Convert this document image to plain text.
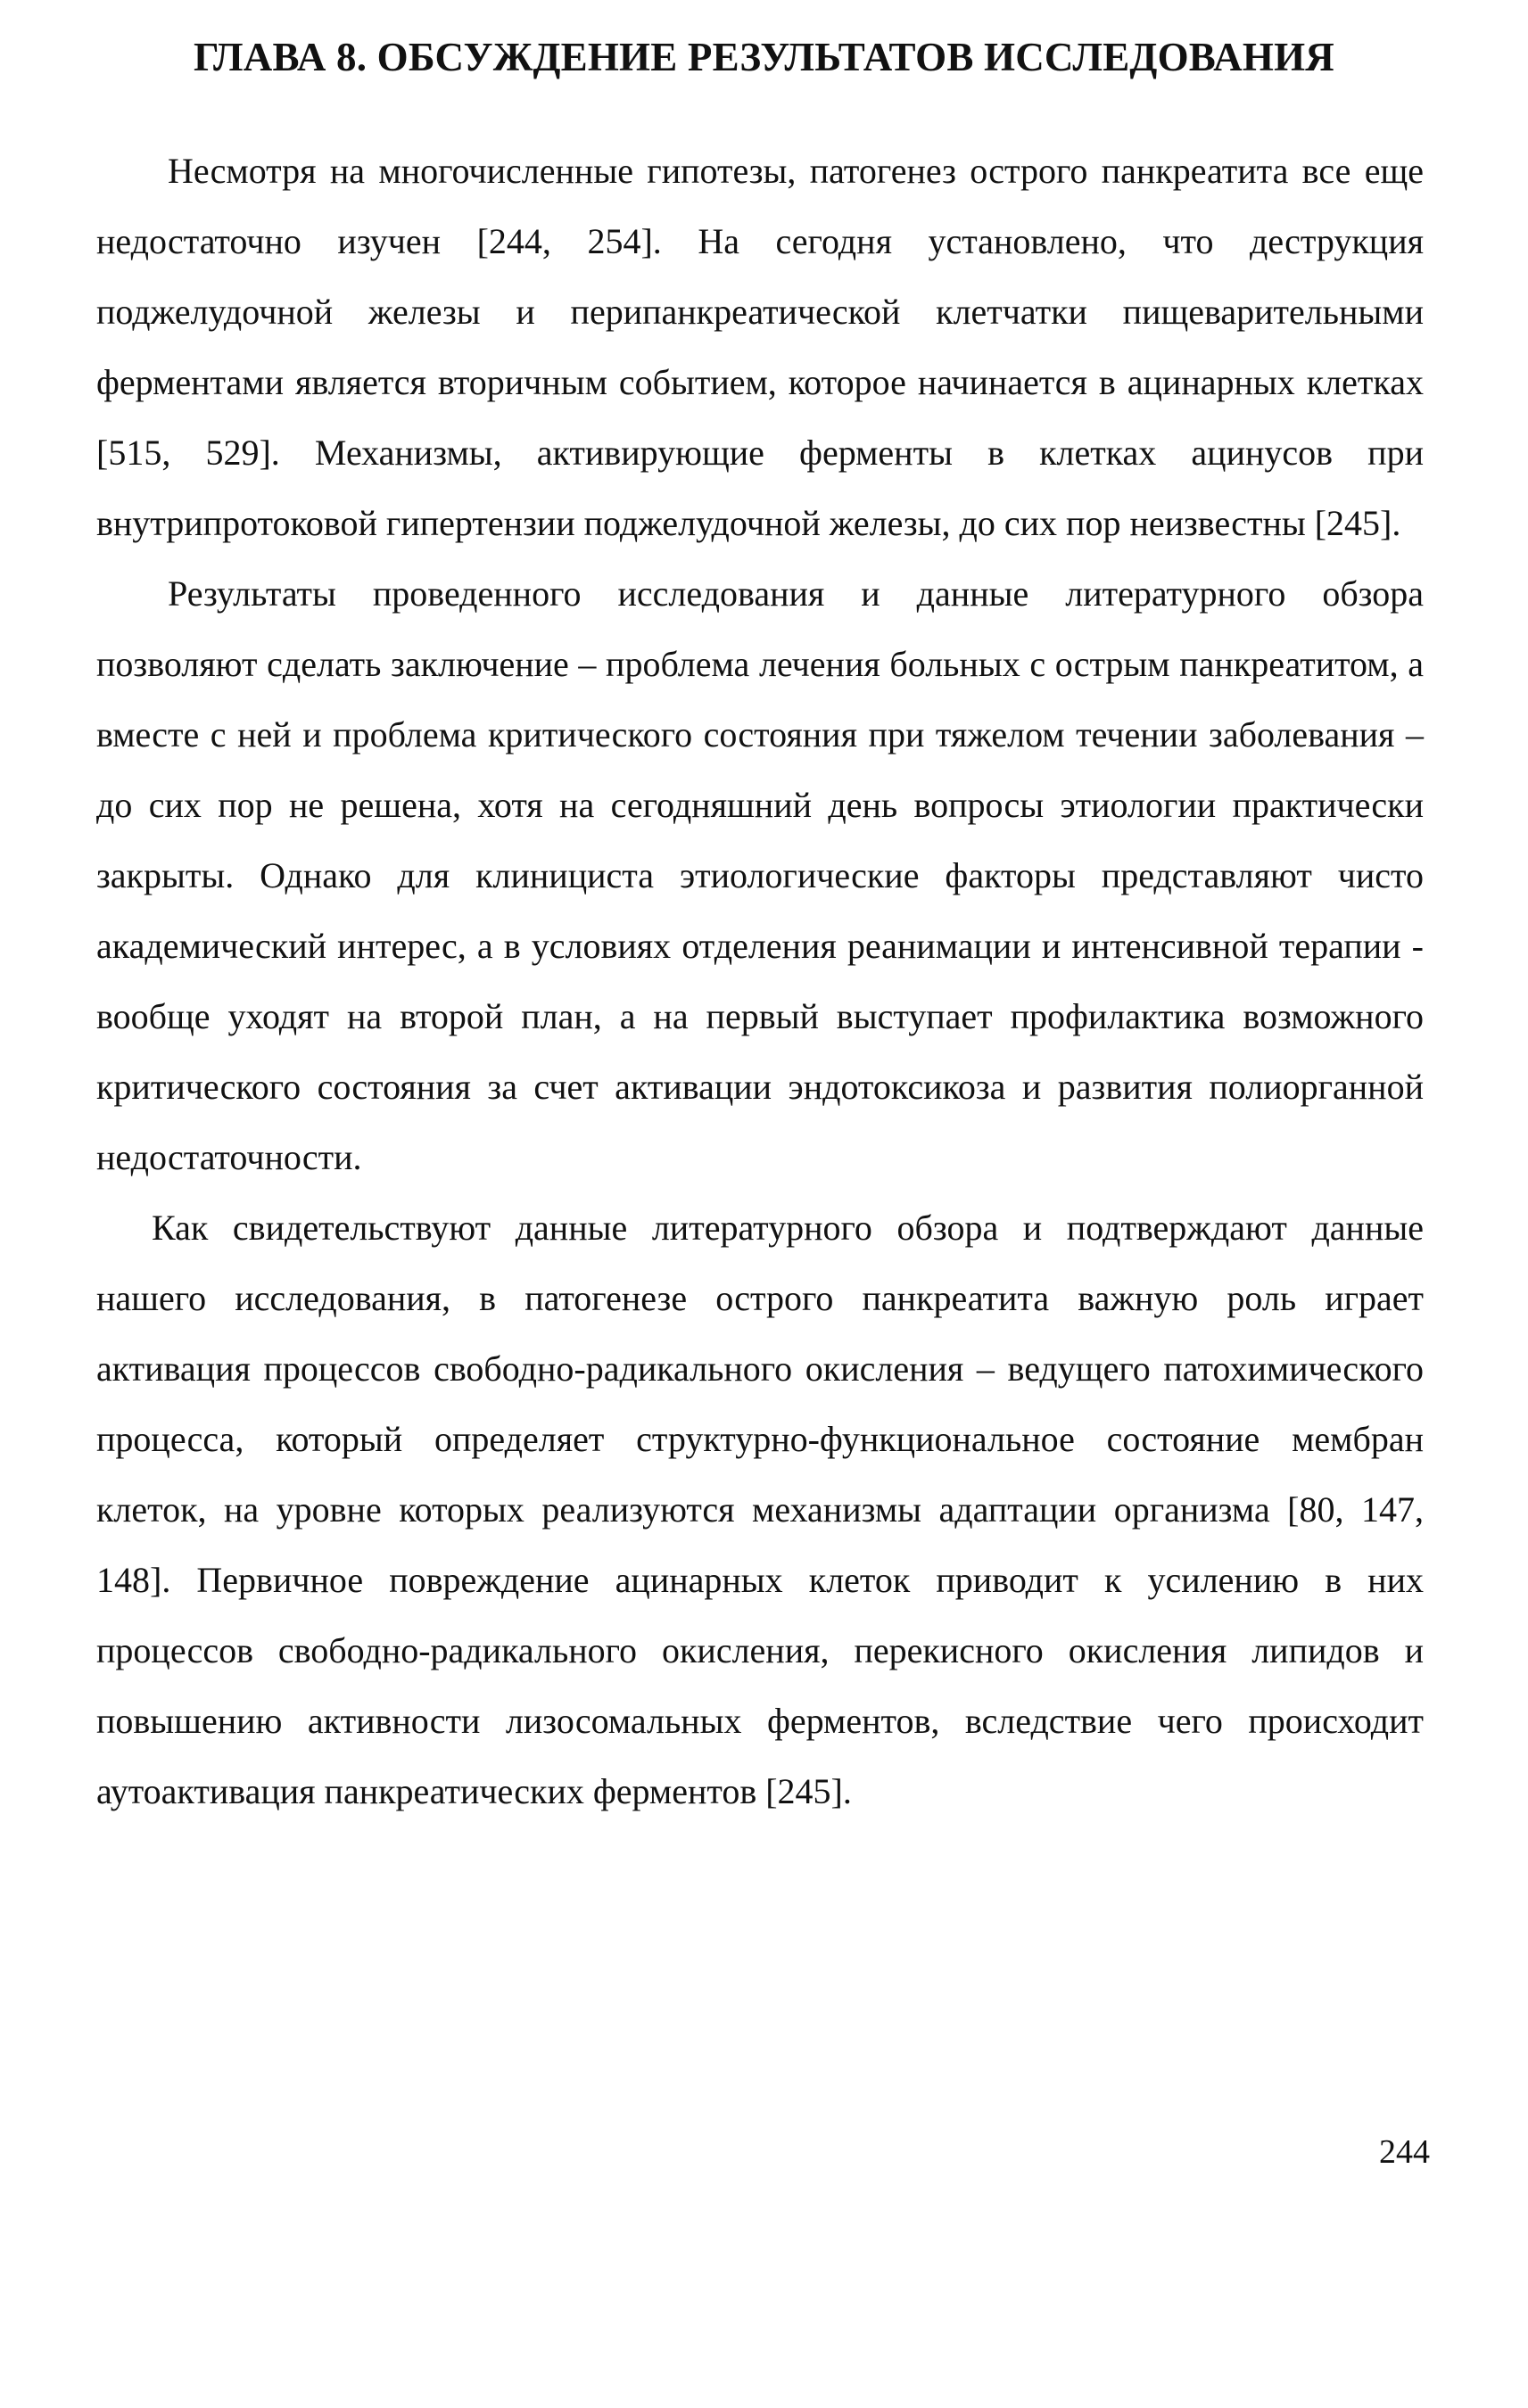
ГЛАВА 8. ОБСУЖДЕНИЕ РЕЗУЛЬТАТОВ ИССЛЕДОВАНИЯ

Несмотря на многочисленные гипотезы, патогенез острого панкреатита все еще недостаточно изучен [244, 254]. На сегодня установлено, что деструкция поджелудочной железы и перипанкреатической клетчатки пищеварительными ферментами является вторичным событием, которое начинается в ацинарных клетках [515, 529]. Механизмы, активирующие ферменты в клетках ацинусов при внутрипротоковой гипертензии поджелудочной железы, до сих пор неизвестны [245].

Результаты проведенного исследования и данные литературного обзора позволяют сделать заключение – проблема лечения больных с острым панкреатитом, а вместе с ней и проблема критического состояния при тяжелом течении заболевания – до сих пор не решена, хотя на сегодняшний день вопросы этиологии практически закрыты. Однако для клинициста этиологические факторы представляют чисто академический интерес, а в условиях отделения реанимации и интенсивной терапии - вообще уходят на второй план, а на первый выступает профилактика возможного критического состояния за счет активации эндотоксикоза и развития полиорганной недостаточности.

Как свидетельствуют данные литературного обзора и подтверждают данные нашего исследования, в патогенезе острого панкреатита важную роль играет активация процессов свободно-радикального окисления – ведущего патохимического процесса, который определяет структурно-функциональное состояние мембран клеток, на уровне которых реализуются механизмы адаптации организма [80, 147, 148]. Первичное повреждение ацинарных клеток приводит к усилению в них процессов свободно-радикального окисления, перекисного окисления липидов и повышению активности лизосомальных ферментов, вследствие чего происходит аутоактивация панкреатических ферментов [245].

244
